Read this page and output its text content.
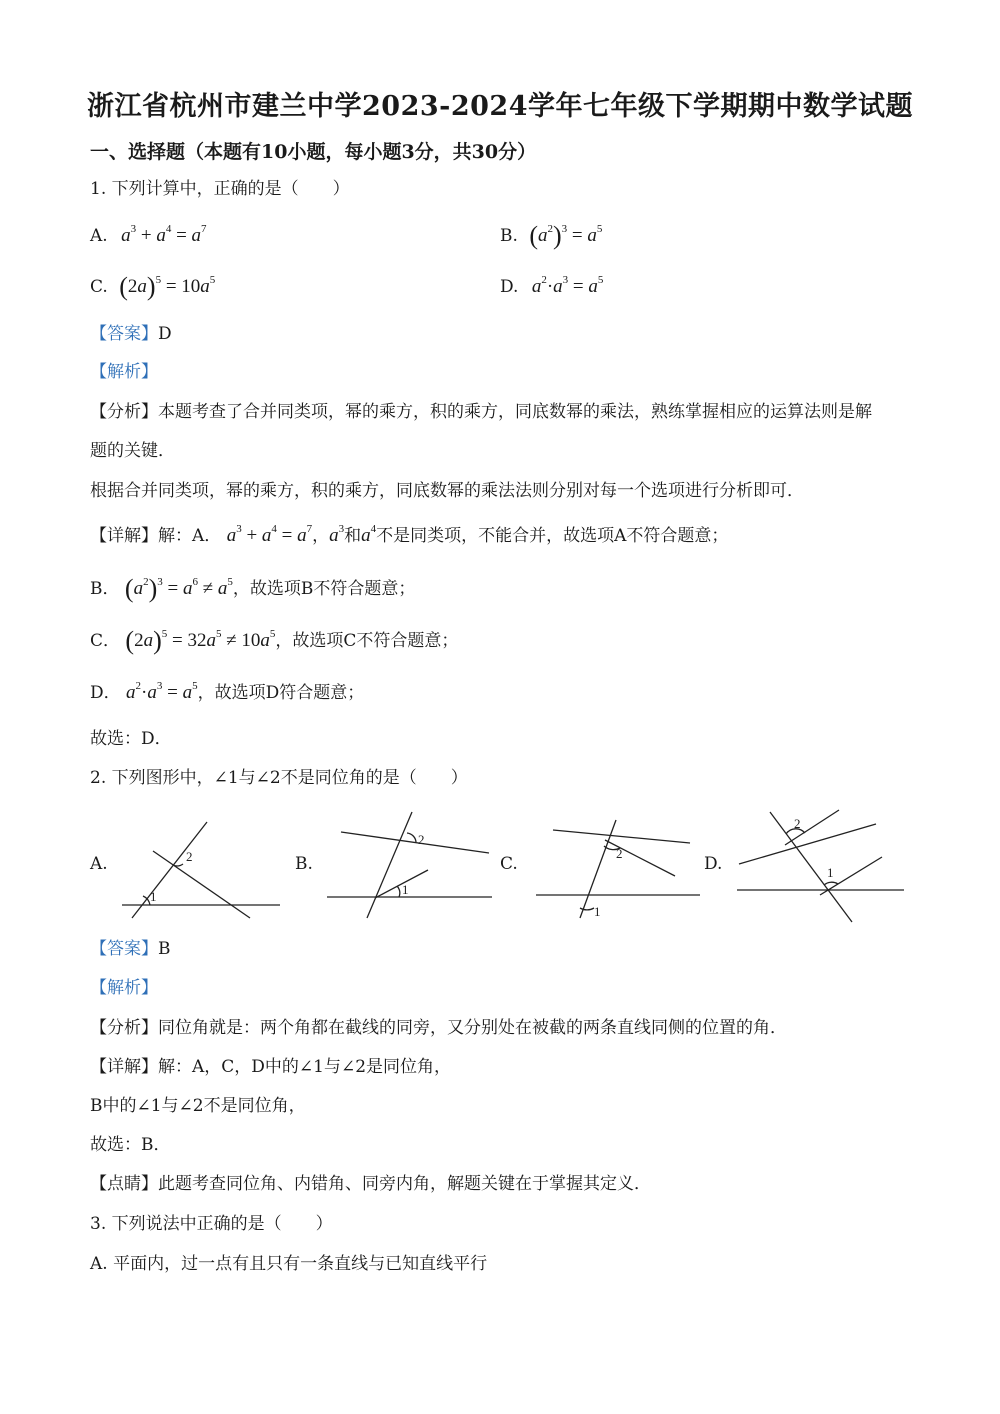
浙江省杭州市建兰中学2023-2024学年七年级下学期期中数学试题
一、选择题（本题有10小题，每小题3分，共30分）
1. 下列计算中，正确的是（　　）
A. $a^3 + a^4 = a^7$	B. $(a^2)^3 = a^5$
C. $(2a)^5 = 10a^5$	D. $a^2\cdot a^3 = a^5$
【答案】D
【解析】
【分析】本题考查了合并同类项，幂的乘方，积的乘方，同底数幂的乘法，熟练掌握相应的运算法则是解
题的关键．
根据合并同类项，幂的乘方，积的乘方，同底数幂的乘法法则分别对每一个选项进行分析即可．
【详解】解：A． $a^3 + a^4 = a^7$，$a^3$和$a^4$不是同类项，不能合并，故选项A不符合题意；
B． $(a^2)^3 = a^6 \ne a^5$，故选项B不符合题意；
C． $(2a)^5 = 32a^5 \ne 10a^5$，故选项C不符合题意；
D． $a^2\cdot a^3 = a^5$，故选项D符合题意；
故选：D．
2. 下列图形中，∠1与∠2不是同位角的是（　　）
A.	B.	C.	D.
1
2
1
2
2
1
2
1
【答案】B
【解析】
【分析】同位角就是：两个角都在截线的同旁，又分别处在被截的两条直线同侧的位置的角．
【详解】解：A，C，D中的∠1与∠2是同位角，
B中的∠1与∠2不是同位角，
故选：B．
【点睛】此题考查同位角、内错角、同旁内角，解题关键在于掌握其定义．
3. 下列说法中正确的是（　　）
A. 平面内，过一点有且只有一条直线与已知直线平行
